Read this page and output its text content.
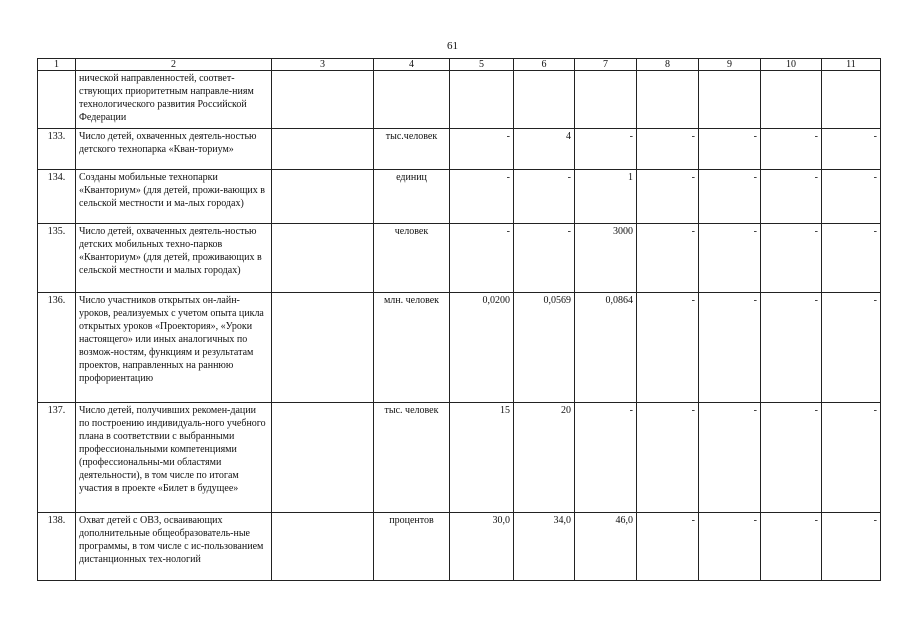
61
1	2	3	4	5	6	7	8	9	10	11
	нической направленностей, соответ-ствующих приоритетным направле-ниям технологического развития Российской Федерации									
133.	Число детей, охваченных деятель-ностью детского технопарка «Кван-ториум»		тыс.человек	-	4	-	-	-	-	-
134.	Созданы мобильные технопарки «Кванториум» (для детей, прожи-вающих в сельской местности и ма-лых городах)		единиц	-	-	1	-	-	-	-
135.	Число детей, охваченных деятель-ностью детских мобильных техно-парков «Кванториум» (для детей, проживающих в сельской местности и малых городах)		человек	-	-	3000	-	-	-	-
136.	Число участников открытых он-лайн-уроков, реализуемых с учетом опыта цикла открытых уроков «Проектория», «Уроки настоящего» или иных аналогичных по возмож-ностям, функциям и результатам проектов, направленных на раннюю профориентацию		млн. человек	0,0200	0,0569	0,0864	-	-	-	-
137.	Число детей, получивших рекомен-дации по построению индивидуаль-ного учебного плана в соответствии с выбранными профессиональными компетенциями (профессиональны-ми областями деятельности), в том числе по итогам участия в проекте «Билет в будущее»		тыс. человек	15	20	-	-	-	-	-
138.	Охват детей с ОВЗ, осваивающих дополнительные общеобразователь-ные программы, в том числе с ис-пользованием дистанционных тех-нологий		процентов	30,0	34,0	46,0	-	-	-	-
